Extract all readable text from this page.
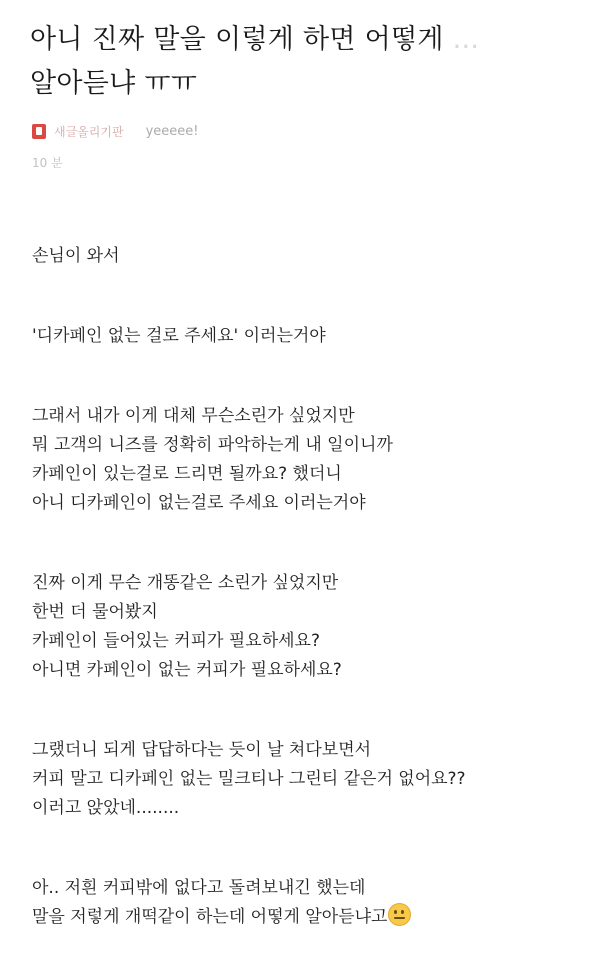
아니 진짜 말을 이렇게 하면 어떻게 ...
알아듣냐 ㅠㅠ
새글올리기판 yeeeee!
10 분
손님이 와서
'디카페인 없는 걸로 주세요' 이러는거야
그래서 내가 이게 대체 무슨소린가 싶었지만
뭐 고객의 니즈를 정확히 파악하는게 내 일이니까
카페인이 있는걸로 드리면 될까요? 했더니
아니 디카페인이 없는걸로 주세요 이러는거야
진짜 이게 무슨 개똥같은 소린가 싶었지만
한번 더 물어봤지
카페인이 들어있는 커피가 필요하세요?
아니면 카페인이 없는 커피가 필요하세요?
그랬더니 되게 답답하다는 듯이 날 쳐다보면서
커피 말고 디카페인 없는 밀크티나 그린티 같은거 없어요??
이러고 앉았네........
아.. 저흰 커피밖에 없다고 돌려보내긴 했는데
말을 저렇게 개떡같이 하는데 어떻게 알아듣냐고
